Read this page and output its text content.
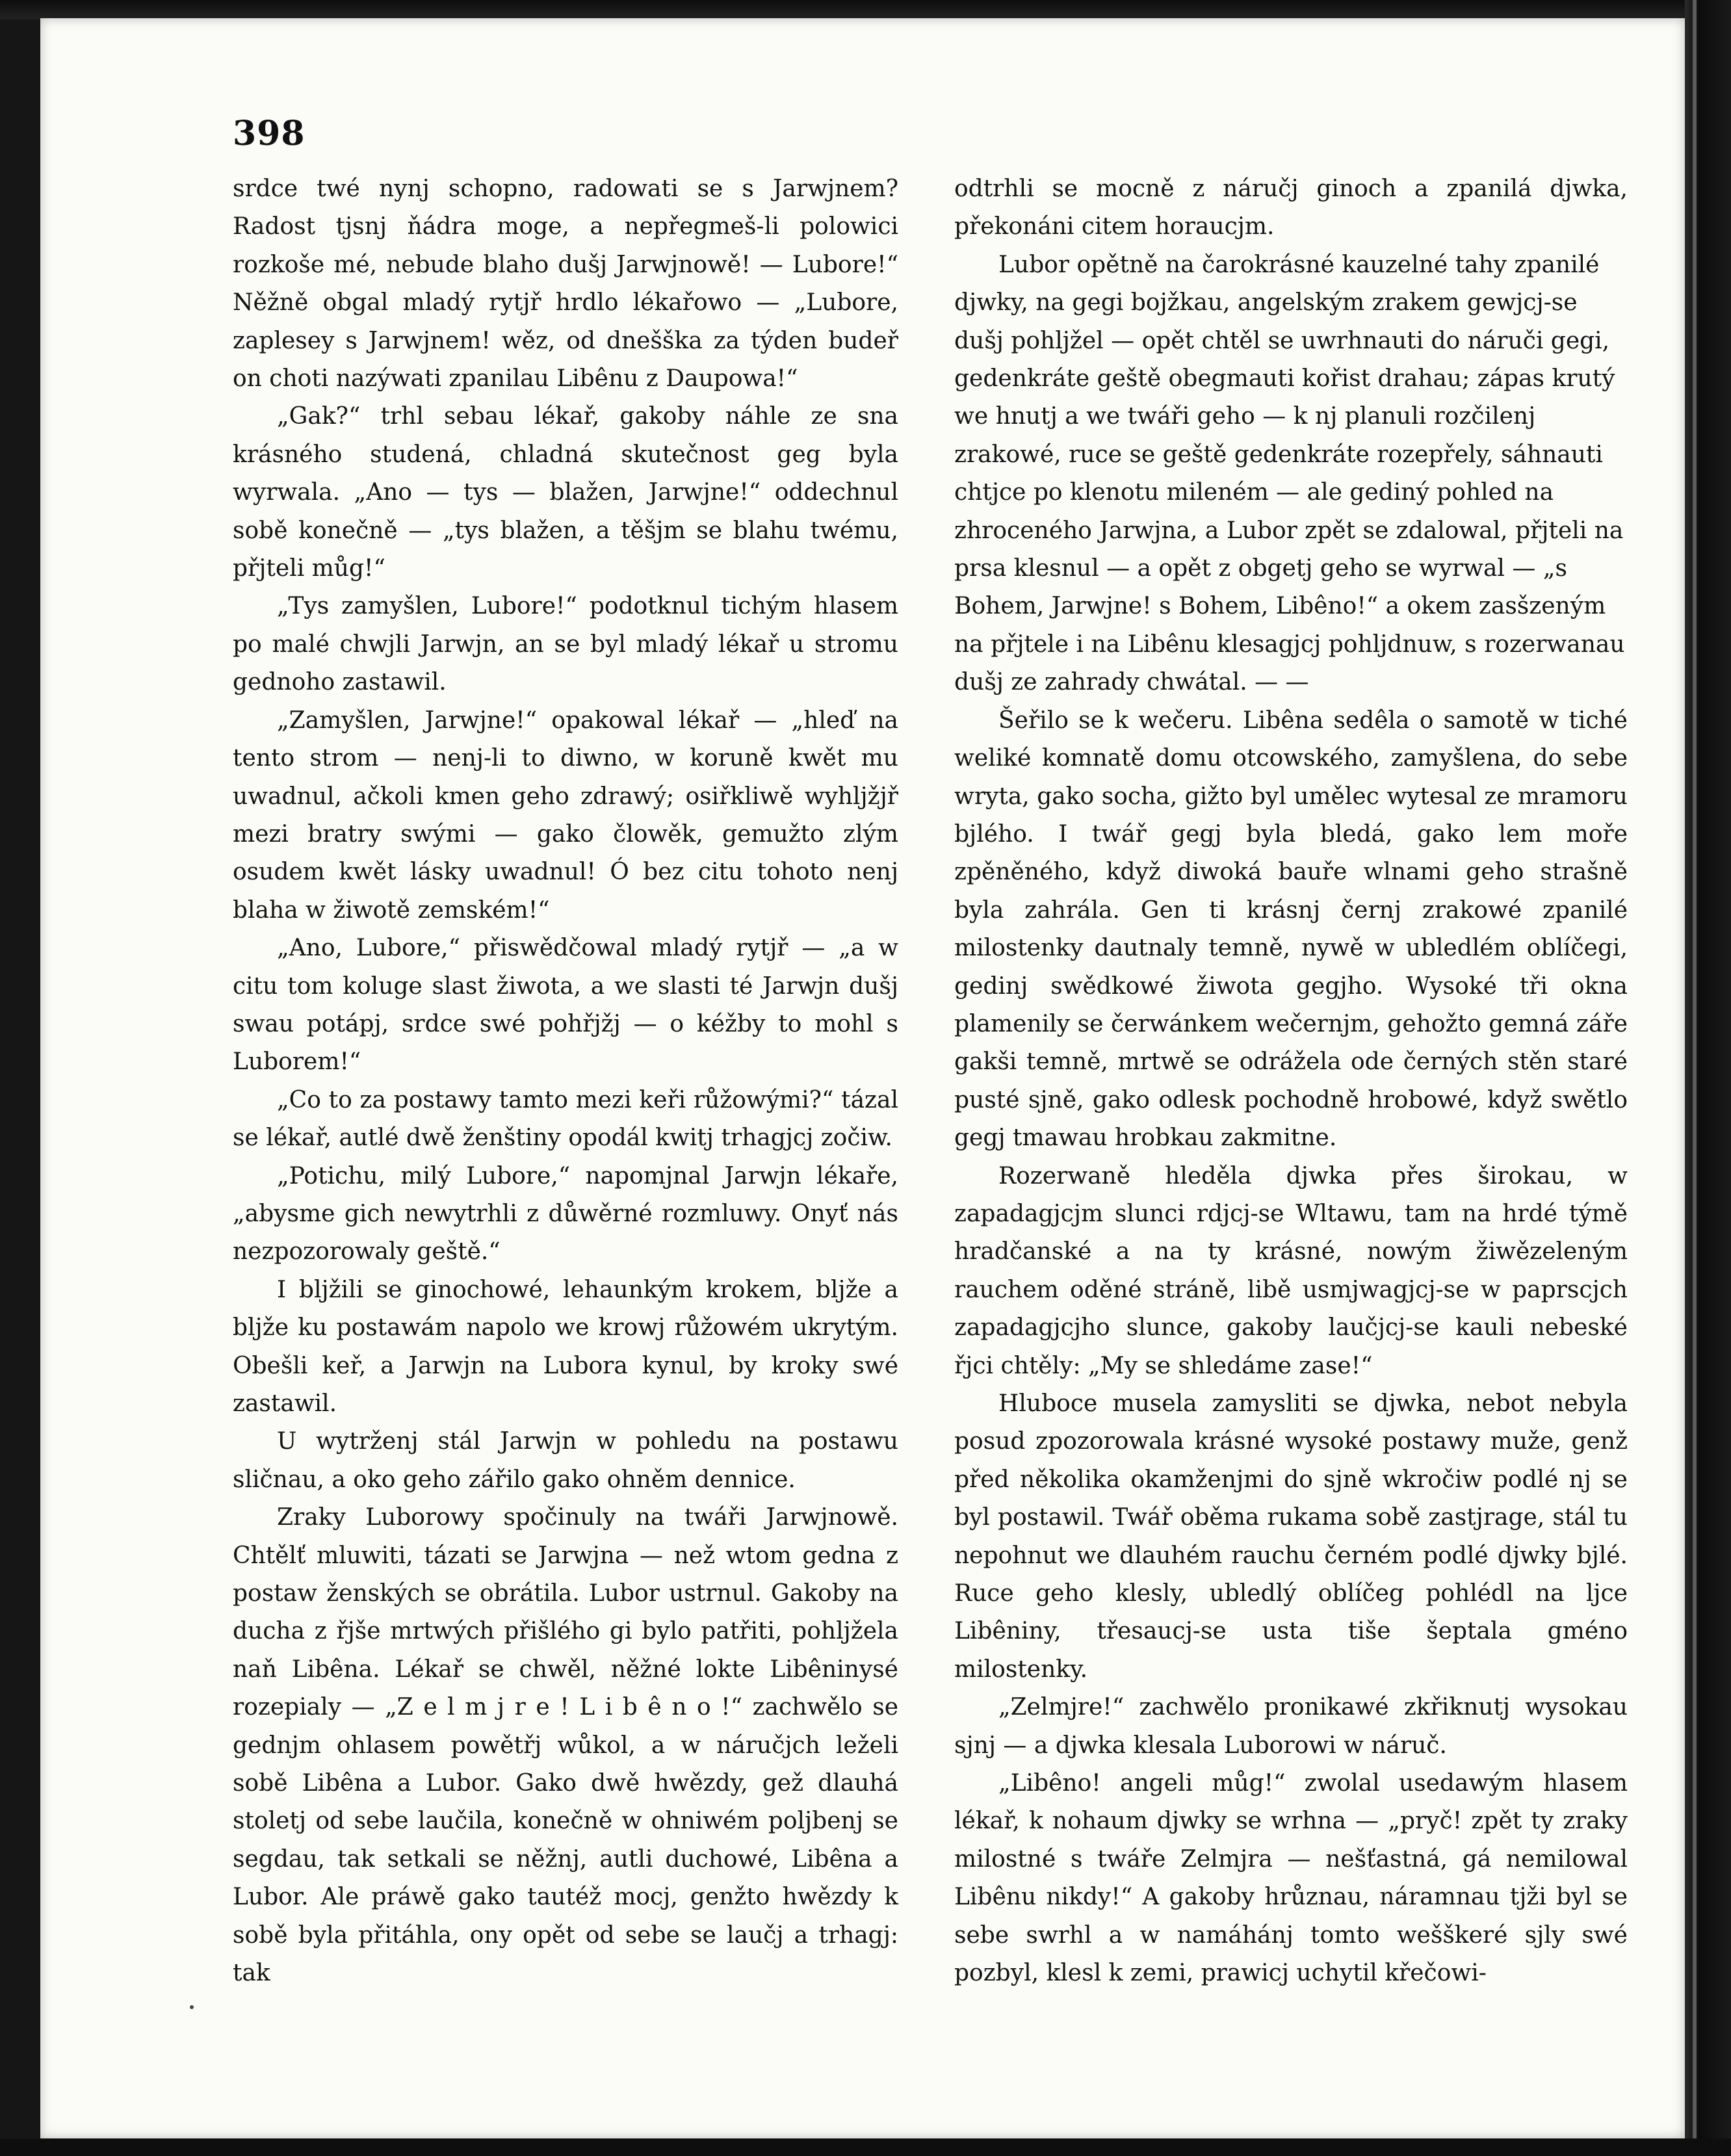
398

srdce twé nynj schopno, radowati se s Jarwjnem? Radost tjsnj ňádra moge, a nepřegmeš-li polowici rozkoše mé, nebude blaho dušj Jarwjnowě! — Lubore!“ Něžně obgal mladý rytjř hrdlo lékařowo — „Lubore, zaplesey s Jarwjnem! wěz, od dnešška za týden budeř on choti nazýwati zpanilau Libênu z Daupowa!“

„Gak?“ trhl sebau lékař, gakoby náhle ze sna krásného studená, chladná skutečnost geg byla wyrwala. „Ano — tys — blažen, Jarwjne!“ oddechnul sobě konečně — „tys blažen, a těšjm se blahu twému, přjteli můg!“

„Tys zamyšlen, Lubore!“ podotknul tichým hlasem po malé chwjli Jarwjn, an se byl mladý lékař u stromu gednoho zastawil.

„Zamyšlen, Jarwjne!“ opakowal lékař — „hleď na tento strom — nenj-li to diwno, w koruně kwět mu uwadnul, ačkoli kmen geho zdrawý; osiřkliwě wyhljžjř mezi bratry swými — gako člowěk, gemužto zlým osudem kwět lásky uwadnul! Ó bez citu tohoto nenj blaha w žiwotě zemském!“

„Ano, Lubore,“ přiswědčowal mladý rytjř — „a w citu tom koluge slast žiwota, a we slasti té Jarwjn dušj swau potápj, srdce swé pohřjžj — o kéžby to mohl s Luborem!“

„Co to za postawy tamto mezi keři růžowými?“ tázal se lékař, autlé dwě ženštiny opodál kwitj trhagjcj zočiw.

„Potichu, milý Lubore,“ napomjnal Jarwjn lékaře, „abysme gich newytrhli z důwěrné rozmluwy. Onyť nás nezpozorowaly geště.“

I bljžili se ginochowé, lehaunkým krokem, bljže a bljže ku postawám napolo we krowj růžowém ukrytým. Obešli keř, a Jarwjn na Lubora kynul, by kroky swé zastawil.

U wytrženj stál Jarwjn w pohledu na postawu sličnau, a oko geho zářilo gako ohněm dennice.

Zraky Luborowy spočinuly na twáři Jarwjnowě. Chtělť mluwiti, tázati se Jarwjna — než wtom gedna z postaw ženských se obrátila. Lubor ustrnul. Gakoby na ducha z řjše mrtwých přišlého gi bylo patřiti, pohljžela naň Libêna. Lékař se chwěl, něžné lokte Libêninysé rozepialy — „Z e l m j r e ! L i b ê n o !“ zachwělo se gednjm ohlasem powětřj wůkol, a w náručjch leželi sobě Libêna a Lubor. Gako dwě hwězdy, gež dlauhá stoletj od sebe laučila, konečně w ohniwém poljbenj se segdau, tak setkali se něžnj, autli duchowé, Libêna a Lubor. Ale práwě gako tautéž mocj, genžto hwězdy k sobě byla přitáhla, ony opět od sebe se laučj a trhagj: tak

odtrhli se mocně z náručj ginoch a zpanilá djwka, překonáni citem horaucjm.

Lubor opětně na čarokrásné kauzelné tahy zpanilé djwky, na gegi bojžkau, angelským zrakem gewjcj-se dušj pohljžel — opět chtěl se uwrhnauti do náruči gegi, gedenkráte geště obegmauti kořist drahau; zápas krutý we hnutj a we twáři geho — k nj planuli rozčilenj zrakowé, ruce se geště gedenkráte rozepřely, sáhnauti chtjce po klenotu mileném — ale gediný pohled na zhroceného Jarwjna, a Lubor zpět se zdalowal, přjteli na prsa klesnul — a opět z obgetj geho se wyrwal — „s Bohem, Jarwjne! s Bohem, Libêno!“ a okem zasšzeným na přjtele i na Libênu klesagjcj pohljdnuw, s rozerwanau dušj ze zahrady chwátal. — —

Šeřilo se k wečeru. Libêna sedêla o samotě w tiché weliké komnatě domu otcowského, zamyšlena, do sebe wryta, gako socha, gižto byl umělec wytesal ze mramoru bjlého. I twář gegj byla bledá, gako lem moře zpěněného, když diwoká bauře wlnami geho strašně byla zahrála. Gen ti krásnj černj zrakowé zpanilé milostenky dautnaly temně, nywě w ubledlém oblíčegi, gedinj swědkowé žiwota gegjho. Wysoké tři okna plamenily se čerwánkem wečernjm, gehožto gemná záře gakši temně, mrtwě se odrážela ode černých stěn staré pusté sjně, gako odlesk pochodně hrobowé, když swětlo gegj tmawau hrobkau zakmitne.

Rozerwaně hleděla djwka přes širokau, w zapadagjcjm slunci rdjcj-se Wltawu, tam na hrdé týmě hradčanské a na ty krásné, nowým žiwězeleným rauchem oděné stráně, libě usmjwagjcj-se w paprscjch zapadagjcjho slunce, gakoby laučjcj-se kauli nebeské řjci chtěly: „My se shledáme zase!“

Hluboce musela zamysliti se djwka, nebot nebyla posud zpozorowala krásné wysoké postawy muže, genž před několika okamženjmi do sjně wkročiw podlé nj se byl postawil. Twář oběma rukama sobě zastjrage, stál tu nepohnut we dlauhém rauchu černém podlé djwky bjlé. Ruce geho klesly, ubledlý oblíčeg pohlédl na ljce Libêniny, třesaucj-se usta tiše šeptala gméno milostenky.

„Zelmjre!“ zachwělo pronikawé zkřiknutj wysokau sjnj — a djwka klesala Luborowi w náruč.

„Libêno! angeli můg!“ zwolal usedawým hlasem lékař, k nohaum djwky se wrhna — „pryč! zpět ty zraky milostné s twáře Zelmjra — nešťastná, gá nemilowal Libênu nikdy!“ A gakoby hrůznau, náramnau tjži byl se sebe swrhl a w namáhánj tomto wešškeré sjly swé pozbyl, klesl k zemi, prawicj uchytil křečowi-
